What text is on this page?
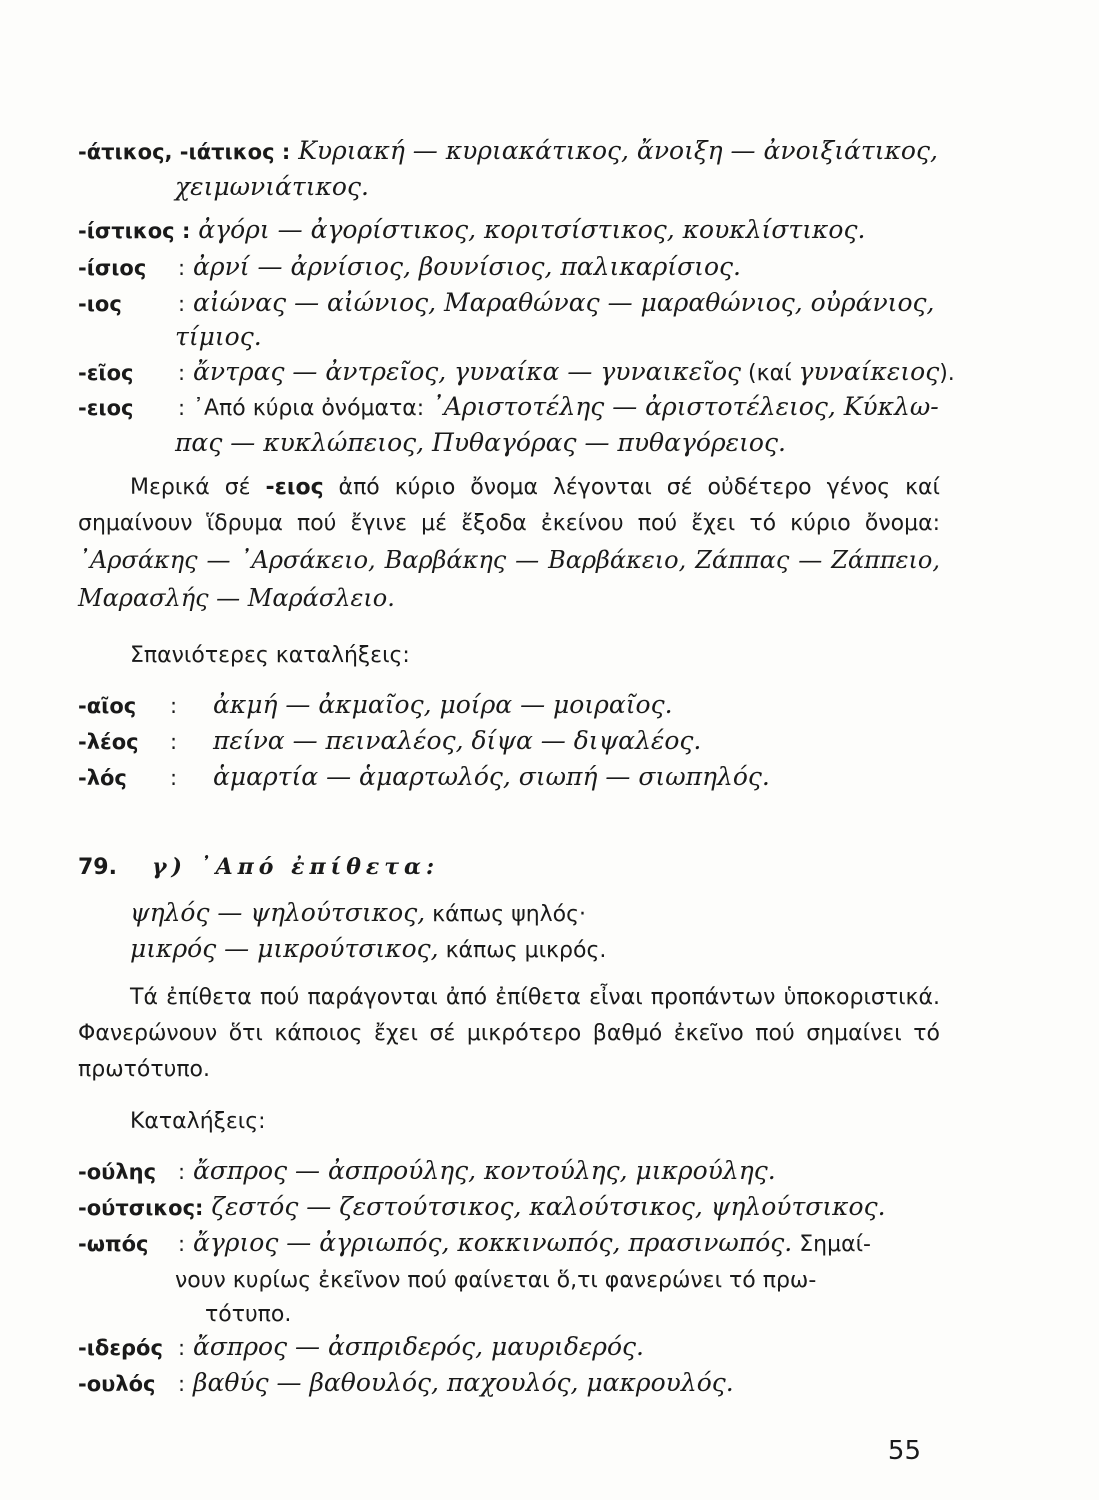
-άτικος, -ιάτικος : Κυριακή — κυριακάτικος, ἄνοιξη — ἀνοιξιάτικος,
χειμωνιάτικος.
-ίστικος : ἀγόρι — ἀγορίστικος, κοριτσίστικος, κουκλίστικος.
-ίσιος : ἀρνί — ἀρνίσιος, βουνίσιος, παλικαρίσιος.
-ιος	: αἰώνας — αἰώνιος, Μαραθώνας — μαραθώνιος, οὐράνιος,
τίμιος.
-εῖος : ἄντρας — ἀντρεῖος, γυναίκα — γυναικεῖος (καί γυναίκειος).
-ειος : ᾿Από κύρια ὀνόματα: ᾿Αριστοτέλης — ἀριστοτέλειος, Κύκλω-
πας — κυκλώπειος, Πυθαγόρας — πυθαγόρειος.
Μερικά σέ -ειος ἀπό κύριο ὄνομα λέγονται σέ οὐδέτερο γένος καί σημαίνουν ἵδρυμα πού ἔγινε μέ ἔξοδα ἐκείνου πού ἔχει τό κύριο ὄνομα: ᾿Αρσάκης — ᾿Αρσάκειο, Βαρβάκης — Βαρβάκειο, Ζάππας — Ζάππειο, Μαρασλής — Μαράσλειο.
Σπανιότερες καταλήξεις:
-αῖος : ἀκμή — ἀκμαῖος, μοίρα — μοιραῖος.
-λέος : πείνα — πειναλέος, δίψα — διψαλέος.
-λός : ἁμαρτία — ἁμαρτωλός, σιωπή — σιωπηλός.
79. γ) ᾿Από ἐπίθετα:
ψηλός — ψηλούτσικος, κάπως ψηλός·
μικρός — μικρούτσικος, κάπως μικρός.
Τά ἐπίθετα πού παράγονται ἀπό ἐπίθετα εἶναι προπάντων ὑποκοριστικά. Φανερώνουν ὅτι κάποιος ἔχει σέ μικρότερο βαθμό ἐκεῖνο πού σημαίνει τό πρωτότυπο.
Καταλήξεις:
-ούλης : ἄσπρος — ἀσπρούλης, κοντούλης, μικρούλης.
-ούτσικος: ζεστός — ζεστούτσικος, καλούτσικος, ψηλούτσικος.
-ωπός : ἄγριος — ἀγριωπός, κοκκινωπός, πρασινωπός. Σημαί-
νουν κυρίως ἐκεῖνον πού φαίνεται ὅ,τι φανερώνει τό πρω-
τότυπο.
-ιδερός : ἄσπρος — ἀσπριδερός, μαυριδερός.
-ουλός : βαθύς — βαθουλός, παχουλός, μακρουλός.
55
